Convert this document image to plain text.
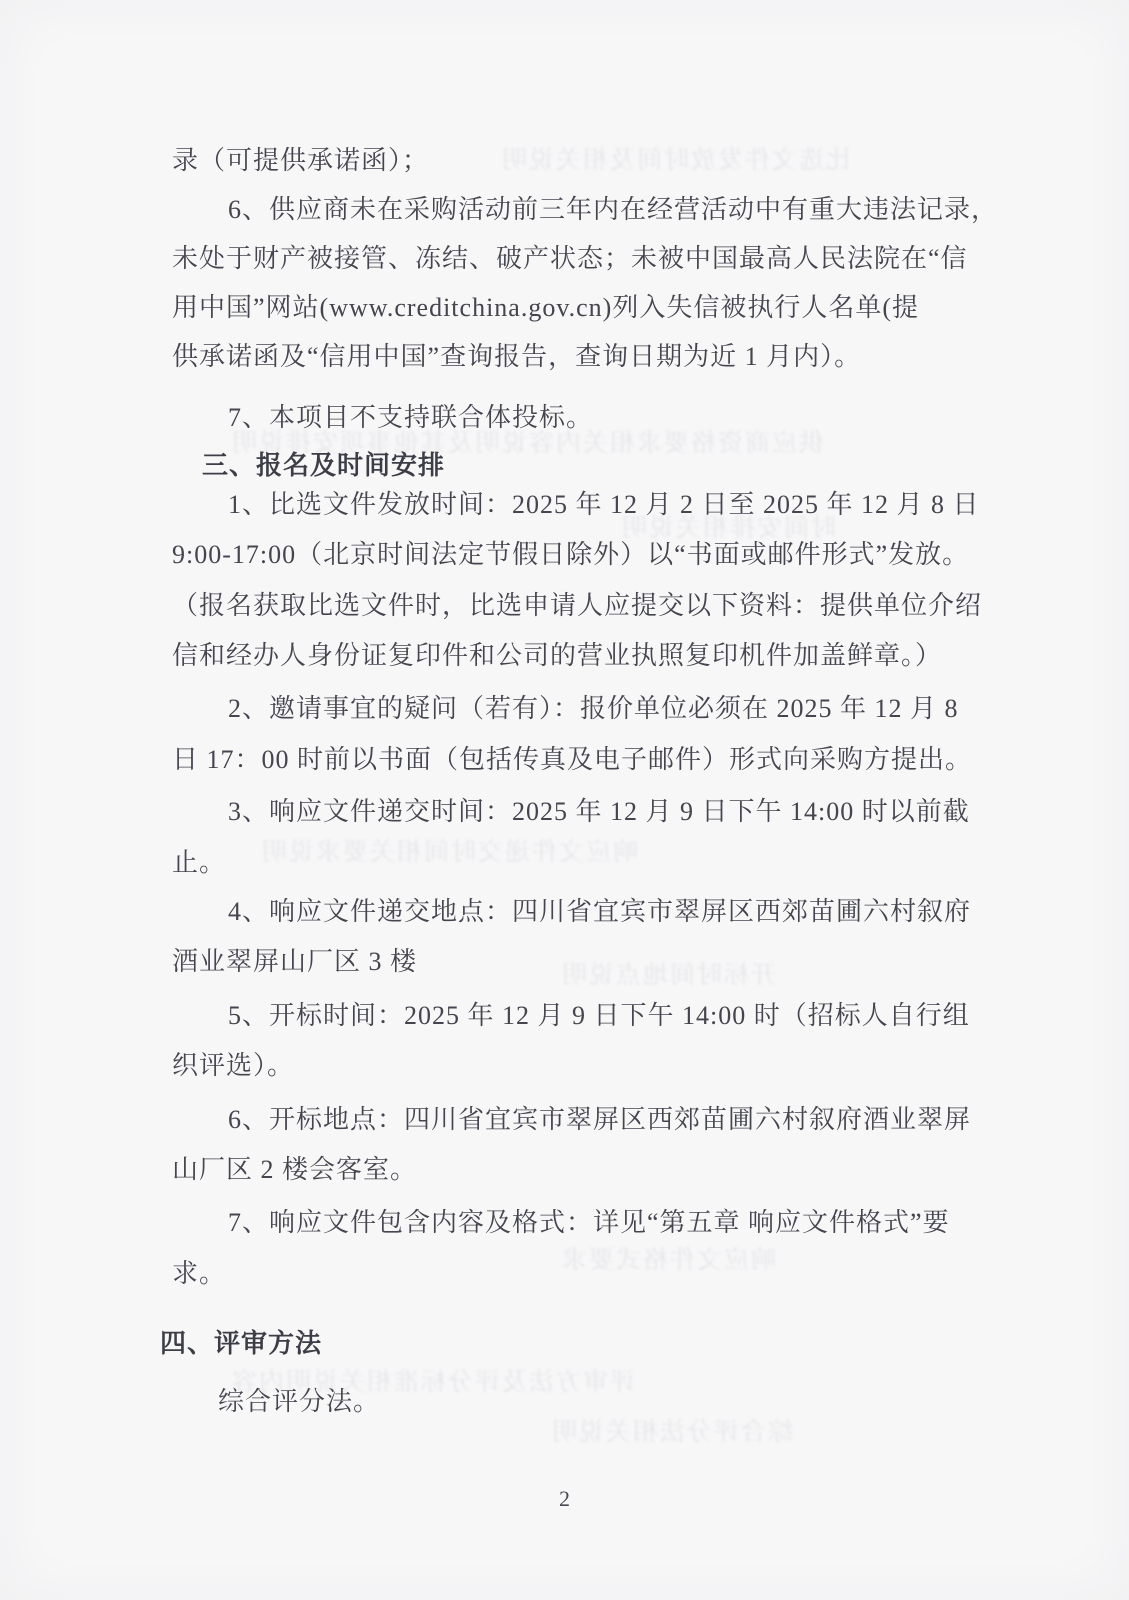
比选文件发放时间及相关说明
供应商资格要求相关内容说明及其他事项安排说明
时间安排相关说明
响应文件递交时间相关要求说明
开标时间地点说明
响应文件格式要求
评审方法及评分标准相关说明内容
综合评分法相关说明
录（可提供承诺函）；
6、供应商未在采购活动前三年内在经营活动中有重大违法记录，
未处于财产被接管、冻结、破产状态；未被中国最高人民法院在“信
用中国”网站(www.creditchina.gov.cn)列入失信被执行人名单(提
供承诺函及“信用中国”查询报告，查询日期为近 1 月内）。
7、本项目不支持联合体投标。
三、报名及时间安排
1、比选文件发放时间：2025 年 12 月 2 日至 2025 年 12 月 8 日
9:00-17:00（北京时间法定节假日除外）以“书面或邮件形式”发放。
（报名获取比选文件时，比选申请人应提交以下资料：提供单位介绍
信和经办人身份证复印件和公司的营业执照复印机件加盖鲜章。）
2、邀请事宜的疑问（若有）：报价单位必须在 2025 年 12 月 8
日 17：00 时前以书面（包括传真及电子邮件）形式向采购方提出。
3、响应文件递交时间：2025 年 12 月 9 日下午 14:00 时以前截
止。
4、响应文件递交地点：四川省宜宾市翠屏区西郊苗圃六村叙府
酒业翠屏山厂区 3 楼
5、开标时间：2025 年 12 月 9 日下午 14:00 时（招标人自行组
织评选）。
6、开标地点：四川省宜宾市翠屏区西郊苗圃六村叙府酒业翠屏
山厂区 2 楼会客室。
7、响应文件包含内容及格式：详见“第五章 响应文件格式”要
求。
四、评审方法
综合评分法。
2
